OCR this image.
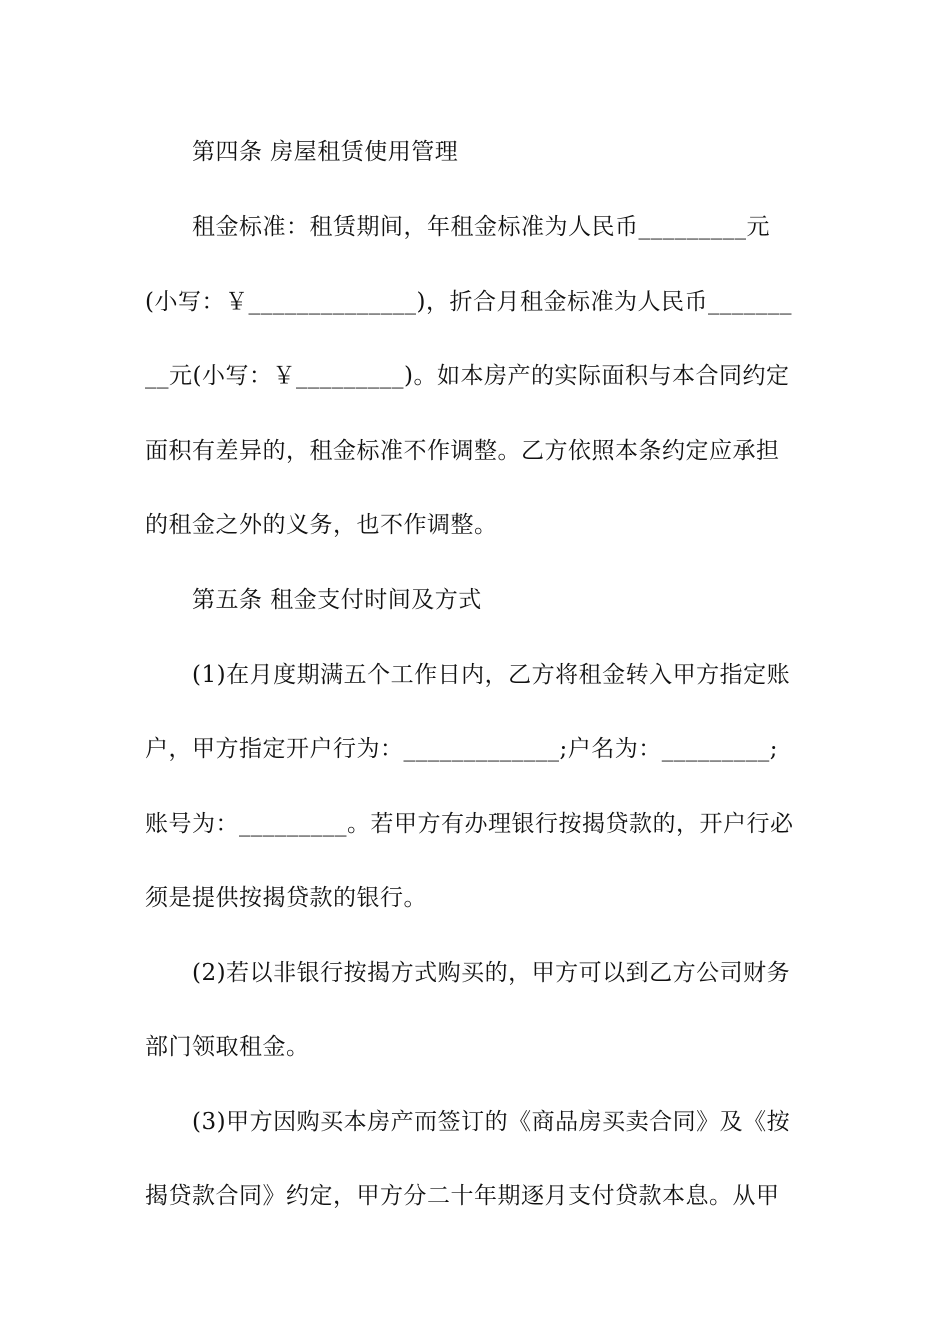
第四条 房屋租赁使用管理
租金标准：租赁期间，年租金标准为人民币_________元
(小写：￥______________)，折合月租金标准为人民币_______
__元(小写：￥_________)。如本房产的实际面积与本合同约定
面积有差异的，租金标准不作调整。乙方依照本条约定应承担
的租金之外的义务，也不作调整。
第五条 租金支付时间及方式
(1)在月度期满五个工作日内，乙方将租金转入甲方指定账
户，甲方指定开户行为：_____________;户名为：_________;
账号为：_________。若甲方有办理银行按揭贷款的，开户行必
须是提供按揭贷款的银行。
(2)若以非银行按揭方式购买的，甲方可以到乙方公司财务
部门领取租金。
(3)甲方因购买本房产而签订的《商品房买卖合同》及《按
揭贷款合同》约定，甲方分二十年期逐月支付贷款本息。从甲
